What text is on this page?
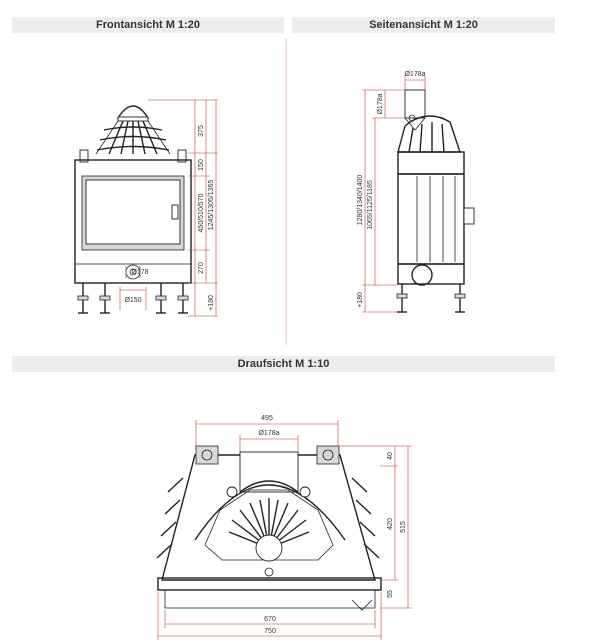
Frontansicht M 1:20	Seitenansicht M 1:20
Draufsicht M 1:10
375
150
450/510/570 1245/1305/1365
270
+180
Ø150
Ø178
Ø178a
Ø178a
1280/1340/1400 1065/1125/1185
+180
495
Ø178a
40
420 515
55
670
750
